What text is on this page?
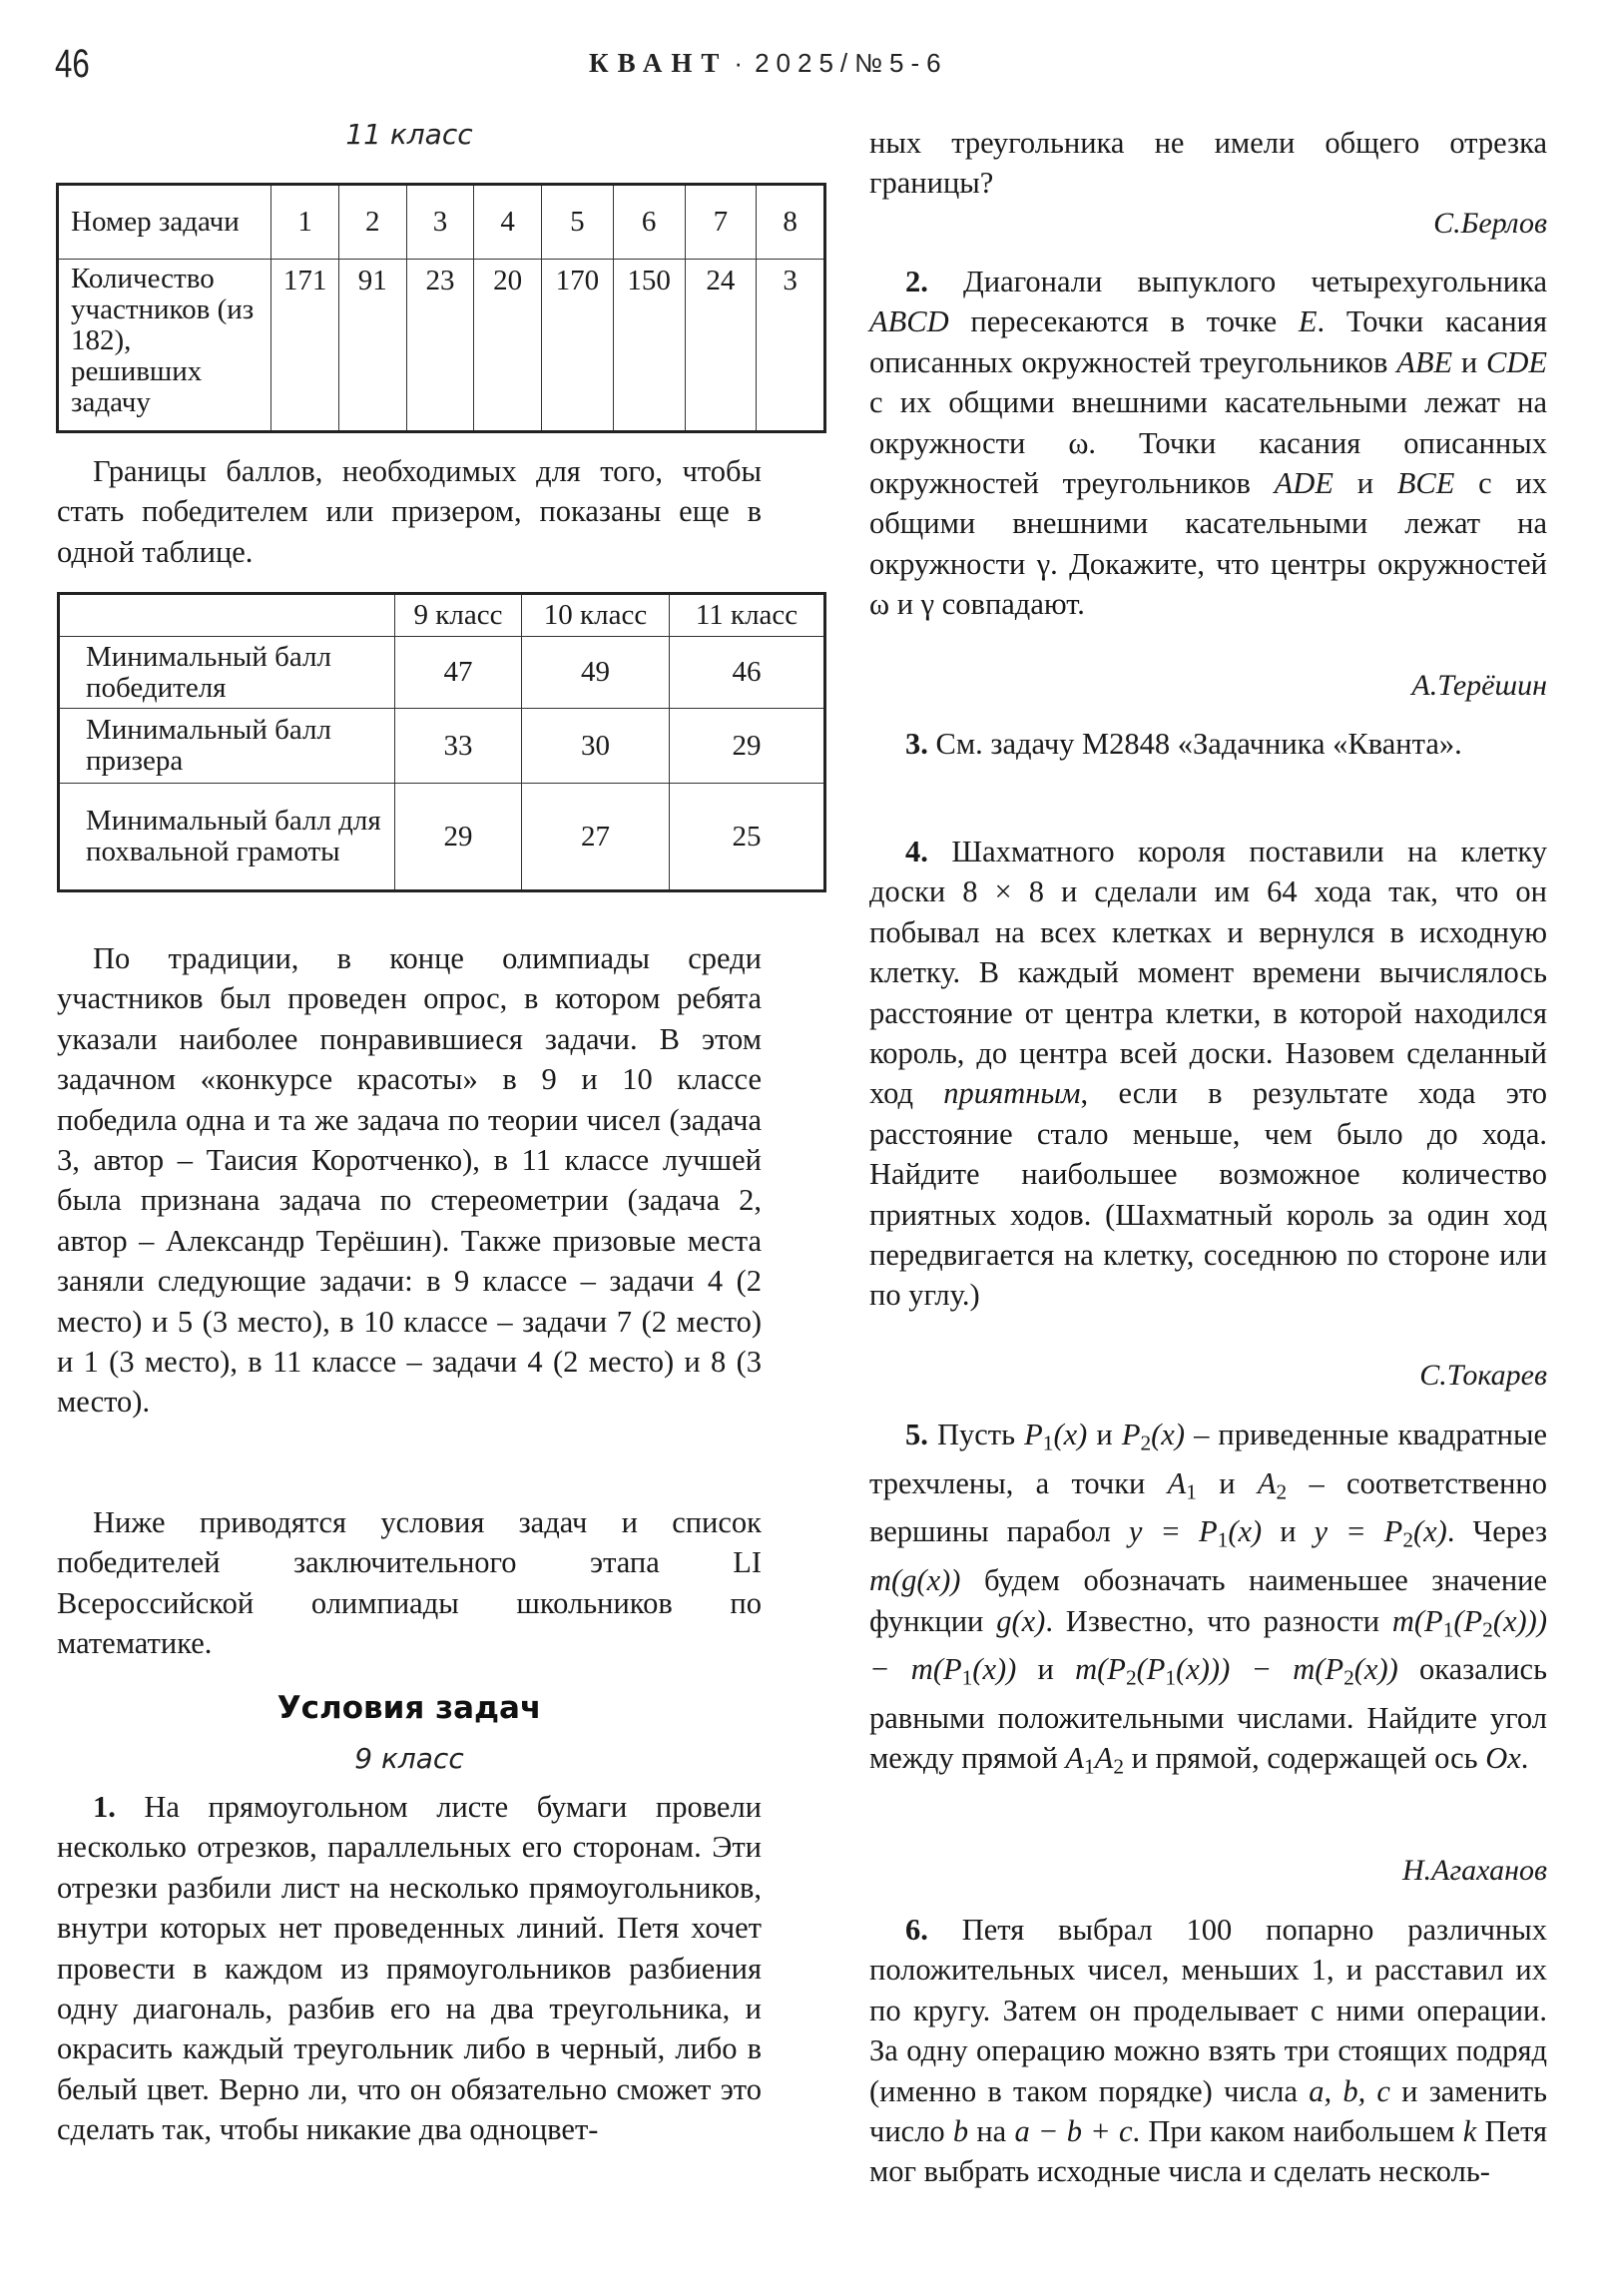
46	КВАНТ · 2025/№5-6
11 класс
Номер задачи	1	2	3	4	5	6	7	8
Количество участников (из 182), решивших задачу	171	91	23	20	170	150	24	3

Границы баллов, необходимых для того, чтобы стать победителем или призером, показаны еще в одной таблице.

	9 класс	10 класс	11 класс
Минимальный балл победителя	47	49	46
Минимальный балл призера	33	30	29
Минимальный балл для похвальной грамоты	29	27	25

По традиции, в конце олимпиады среди участников был проведен опрос, в котором ребята указали наиболее понравившиеся задачи. В этом задачном «конкурсе красоты» в 9 и 10 классе победила одна и та же задача по теории чисел (задача 3, автор – Таисия Коротченко), в 11 классе лучшей была признана задача по стереометрии (задача 2, автор – Александр Терёшин). Также призовые места заняли следующие задачи: в 9 классе – задачи 4 (2 место) и 5 (3 место), в 10 классе – задачи 7 (2 место) и 1 (3 место), в 11 классе – задачи 4 (2 место) и 8 (3 место).

Ниже приводятся условия задач и список победителей заключительного этапа LI Всероссийской олимпиады школьников по математике.

Условия задач
9 класс

1. На прямоугольном листе бумаги провели несколько отрезков, параллельных его сторонам. Эти отрезки разбили лист на несколько прямоугольников, внутри которых нет проведенных линий. Петя хочет провести в каждом из прямоугольников разбиения одну диагональ, разбив его на два треугольника, и окрасить каждый треугольник либо в черный, либо в белый цвет. Верно ли, что он обязательно сможет это сделать так, чтобы никакие два одноцвет-

ных треугольника не имели общего отрезка границы?

С.Берлов

2. Диагонали выпуклого четырехугольника ABCD пересекаются в точке E. Точки касания описанных окружностей треугольников ABE и CDE с их общими внешними касательными лежат на окружности ω. Точки касания описанных окружностей треугольников ADE и BCE с их общими внешними касательными лежат на окружности γ. Докажите, что центры окружностей ω и γ совпадают.

А.Терёшин

3. См. задачу М2848 «Задачника «Кванта».

4. Шахматного короля поставили на клетку доски 8 × 8 и сделали им 64 хода так, что он побывал на всех клетках и вернулся в исходную клетку. В каждый момент времени вычислялось расстояние от центра клетки, в которой находился король, до центра всей доски. Назовем сделанный ход приятным, если в результате хода это расстояние стало меньше, чем было до хода. Найдите наибольшее возможное количество приятных ходов. (Шахматный король за один ход передвигается на клетку, соседнюю по стороне или по углу.)

С.Токарев

5. Пусть $P_1(x)$ и $P_2(x)$ – приведенные квадратные трехчлены, а точки $A_1$ и $A_2$ – соответственно вершины парабол $y = P_1(x)$ и $y = P_2(x)$. Через m(g(x)) будем обозначать наименьшее значение функции g(x). Известно, что разности $m(P_1(P_2(x))) - m(P_1(x))$ и $m(P_2(P_1(x))) - m(P_2(x))$ оказались равными положительными числами. Найдите угол между прямой $A_1A_2$ и прямой, содержащей ось Ox.

Н.Агаханов

6. Петя выбрал 100 попарно различных положительных чисел, меньших 1, и расставил их по кругу. Затем он проделывает с ними операции. За одну операцию можно взять три стоящих подряд (именно в таком порядке) числа a, b, c и заменить число b на a − b + c. При каком наибольшем k Петя мог выбрать исходные числа и сделать несколь-
